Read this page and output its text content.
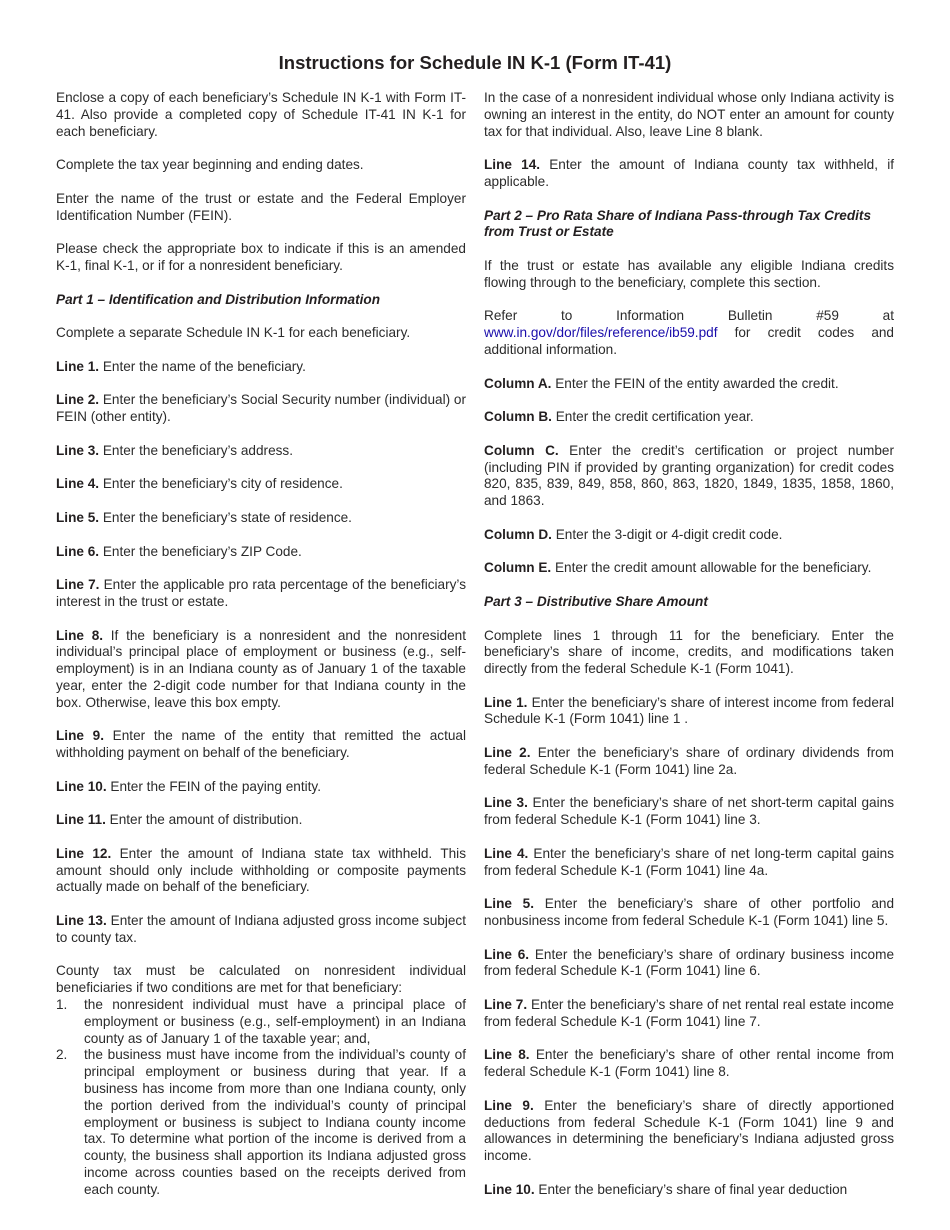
Instructions for Schedule IN K-1 (Form IT-41)

Enclose a copy of each beneficiary’s Schedule IN K-1 with Form IT-41. Also provide a completed copy of Schedule IT-41 IN K-1 for each beneficiary.

Complete the tax year beginning and ending dates.

Enter the name of the trust or estate and the Federal Employer Identification Number (FEIN).

Please check the appropriate box to indicate if this is an amended K-1, final K-1, or if for a nonresident beneficiary.

Part 1 – Identification and Distribution Information

Complete a separate Schedule IN K-1 for each beneficiary.

Line 1. Enter the name of the beneficiary.

Line 2. Enter the beneficiary’s Social Security number (individual) or FEIN (other entity).

Line 3. Enter the beneficiary’s address.

Line 4. Enter the beneficiary’s city of residence.

Line 5. Enter the beneficiary’s state of residence.

Line 6. Enter the beneficiary’s ZIP Code.

Line 7. Enter the applicable pro rata percentage of the beneficiary’s interest in the trust or estate.

Line 8. If the beneficiary is a nonresident and the nonresident individual’s principal place of employment or business (e.g., self-employment) is in an Indiana county as of January 1 of the taxable year, enter the 2-digit code number for that Indiana county in the box. Otherwise, leave this box empty.

Line 9. Enter the name of the entity that remitted the actual withholding payment on behalf of the beneficiary.

Line 10. Enter the FEIN of the paying entity.

Line 11. Enter the amount of distribution.

Line 12. Enter the amount of Indiana state tax withheld. This amount should only include withholding or composite payments actually made on behalf of the beneficiary.

Line 13. Enter the amount of Indiana adjusted gross income subject to county tax.

County tax must be calculated on nonresident individual beneficiaries if two conditions are met for that beneficiary:

1. the nonresident individual must have a principal place of employment or business (e.g., self-employment) in an Indiana county as of January 1 of the taxable year; and,
2. the business must have income from the individual’s county of principal employment or business during that year. If a business has income from more than one Indiana county, only the portion derived from the individual’s county of principal employment or business is subject to Indiana county income tax. To determine what portion of the income is derived from a county, the business shall apportion its Indiana adjusted gross income across counties based on the receipts derived from each county.

In the case of a nonresident individual whose only Indiana activity is owning an interest in the entity, do NOT enter an amount for county tax for that individual. Also, leave Line 8 blank.

Line 14. Enter the amount of Indiana county tax withheld, if applicable.

Part 2 – Pro Rata Share of Indiana Pass-through Tax Credits from Trust or Estate

If the trust or estate has available any eligible Indiana credits flowing through to the beneficiary, complete this section.

Refer to Information Bulletin #59 at www.in.gov/dor/files/reference/ib59.pdf for credit codes and additional information.

Column A. Enter the FEIN of the entity awarded the credit.

Column B. Enter the credit certification year.

Column C. Enter the credit’s certification or project number (including PIN if provided by granting organization) for credit codes 820, 835, 839, 849, 858, 860, 863, 1820, 1849, 1835, 1858, 1860, and 1863.

Column D. Enter the 3-digit or 4-digit credit code.

Column E. Enter the credit amount allowable for the beneficiary.

Part 3 – Distributive Share Amount

Complete lines 1 through 11 for the beneficiary. Enter the beneficiary’s share of income, credits, and modifications taken directly from the federal Schedule K-1 (Form 1041).

Line 1. Enter the beneficiary’s share of interest income from federal Schedule K-1 (Form 1041) line 1 .

Line 2. Enter the beneficiary’s share of ordinary dividends from federal Schedule K-1 (Form 1041) line 2a.

Line 3. Enter the beneficiary’s share of net short-term capital gains from federal Schedule K-1 (Form 1041) line 3.

Line 4. Enter the beneficiary’s share of net long-term capital gains from federal Schedule K-1 (Form 1041) line 4a.

Line 5. Enter the beneficiary’s share of other portfolio and nonbusiness income from federal Schedule K-1 (Form 1041) line 5.

Line 6. Enter the beneficiary’s share of ordinary business income from federal Schedule K-1 (Form 1041) line 6.

Line 7. Enter the beneficiary’s share of net rental real estate income from federal Schedule K-1 (Form 1041) line 7.

Line 8. Enter the beneficiary’s share of other rental income from federal Schedule K-1 (Form 1041) line 8.

Line 9. Enter the beneficiary’s share of directly apportioned deductions from federal Schedule K-1 (Form 1041) line 9 and allowances in determining the beneficiary’s Indiana adjusted gross income.

Line 10. Enter the beneficiary’s share of final year deduction
